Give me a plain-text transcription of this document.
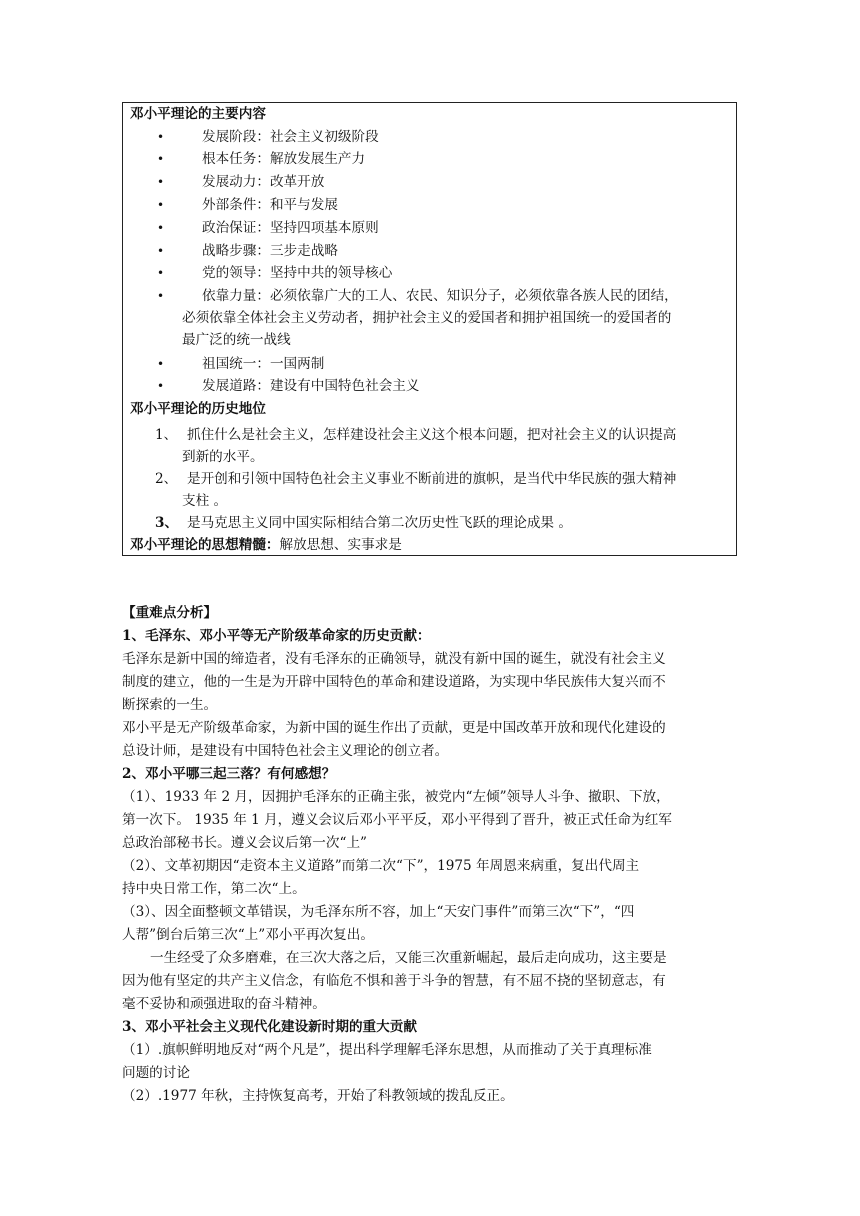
邓小平理论的主要内容
•	发展阶段：社会主义初级阶段
•	根本任务：解放发展生产力
•	发展动力：改革开放
•	外部条件：和平与发展
•	政治保证：坚持四项基本原则
•	战略步骤：三步走战略
•	党的领导：坚持中共的领导核心
•	依靠力量：必须依靠广大的工人、农民、知识分子，必须依靠各族人民的团结，
必须依靠全体社会主义劳动者，拥护社会主义的爱国者和拥护祖国统一的爱国者的
最广泛的统一战线
•	祖国统一：一国两制
•	发展道路：建设有中国特色社会主义
邓小平理论的历史地位
1、 抓住什么是社会主义，怎样建设社会主义这个根本问题，把对社会主义的认识提高
到新的水平。
2、 是开创和引领中国特色社会主义事业不断前进的旗帜，是当代中华民族的强大精神
支柱 。
3、 是马克思主义同中国实际相结合第二次历史性飞跃的理论成果 。
邓小平理论的思想精髓：解放思想、实事求是
【重难点分析】
1、毛泽东、邓小平等无产阶级革命家的历史贡献：
毛泽东是新中国的缔造者，没有毛泽东的正确领导，就没有新中国的诞生，就没有社会主义
制度的建立，他的一生是为开辟中国特色的革命和建设道路，为实现中华民族伟大复兴而不
断探索的一生。
邓小平是无产阶级革命家，为新中国的诞生作出了贡献，更是中国改革开放和现代化建设的
总设计师，是建设有中国特色社会主义理论的创立者。
2、邓小平哪三起三落？有何感想？
（1）、1933 年 2 月，因拥护毛泽东的正确主张，被党内“左倾”领导人斗争、撤职、下放，
第一次下。 1935 年 1 月，遵义会议后邓小平平反，邓小平得到了晋升，被正式任命为红军
总政治部秘书长。遵义会议后第一次“上”
（2）、文革初期因“走资本主义道路”而第二次“下”，1975 年周恩来病重，复出代周主
持中央日常工作，第二次“上。
（3）、因全面整顿文革错误，为毛泽东所不容，加上“天安门事件”而第三次“下”，“四
人帮”倒台后第三次“上”邓小平再次复出。
一生经受了众多磨难，在三次大落之后，又能三次重新崛起，最后走向成功，这主要是
因为他有坚定的共产主义信念，有临危不惧和善于斗争的智慧，有不屈不挠的坚韧意志，有
毫不妥协和顽强进取的奋斗精神。
3、邓小平社会主义现代化建设新时期的重大贡献
（1）.旗帜鲜明地反对“两个凡是”，提出科学理解毛泽东思想，从而推动了关于真理标准
问题的讨论
（2）.1977 年秋，主持恢复高考，开始了科教领域的拨乱反正。
